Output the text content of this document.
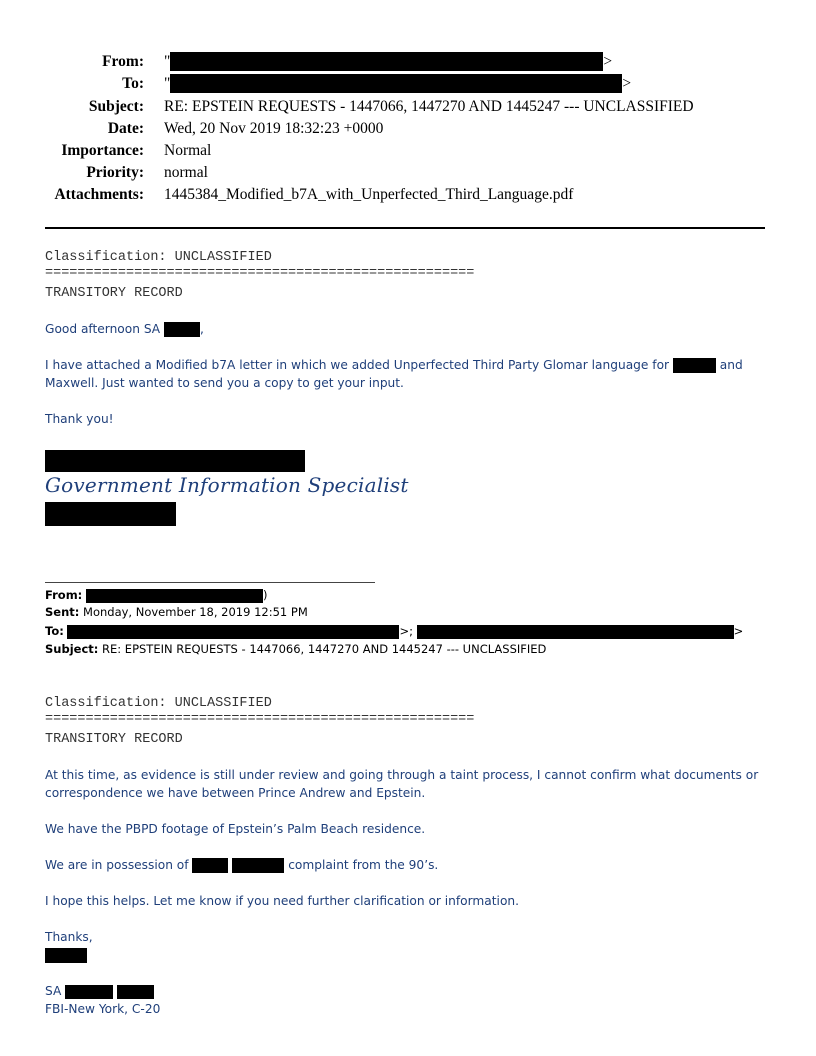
From: "	>
To: "	>
Subject: RE: EPSTEIN REQUESTS - 1447066, 1447270 AND 1445247 --- UNCLASSIFIED
Date: Wed, 20 Nov 2019 18:32:23 +0000
Importance: Normal
Priority: normal
Attachments: 1445384_Modified_b7A_with_Unperfected_Third_Language.pdf
Classification: UNCLASSIFIED
=====================================================
TRANSITORY RECORD
Good afternoon SA	,
I have attached a Modified b7A letter in which we added Unperfected Third Party Glomar language for	and
Maxwell. Just wanted to send you a copy to get your input.
Thank you!
Government Information Specialist
From:	)
Sent: Monday, November 18, 2019 12:51 PM
To:	>;	>
Subject: RE: EPSTEIN REQUESTS - 1447066, 1447270 AND 1445247 --- UNCLASSIFIED
Classification: UNCLASSIFIED
=====================================================
TRANSITORY RECORD
At this time, as evidence is still under review and going through a taint process, I cannot confirm what documents or
correspondence we have between Prince Andrew and Epstein.
We have the PBPD footage of Epstein’s Palm Beach residence.
We are in possession of	complaint from the 90’s.
I hope this helps. Let me know if you need further clarification or information.
Thanks,
SA
FBI-New York, C-20
